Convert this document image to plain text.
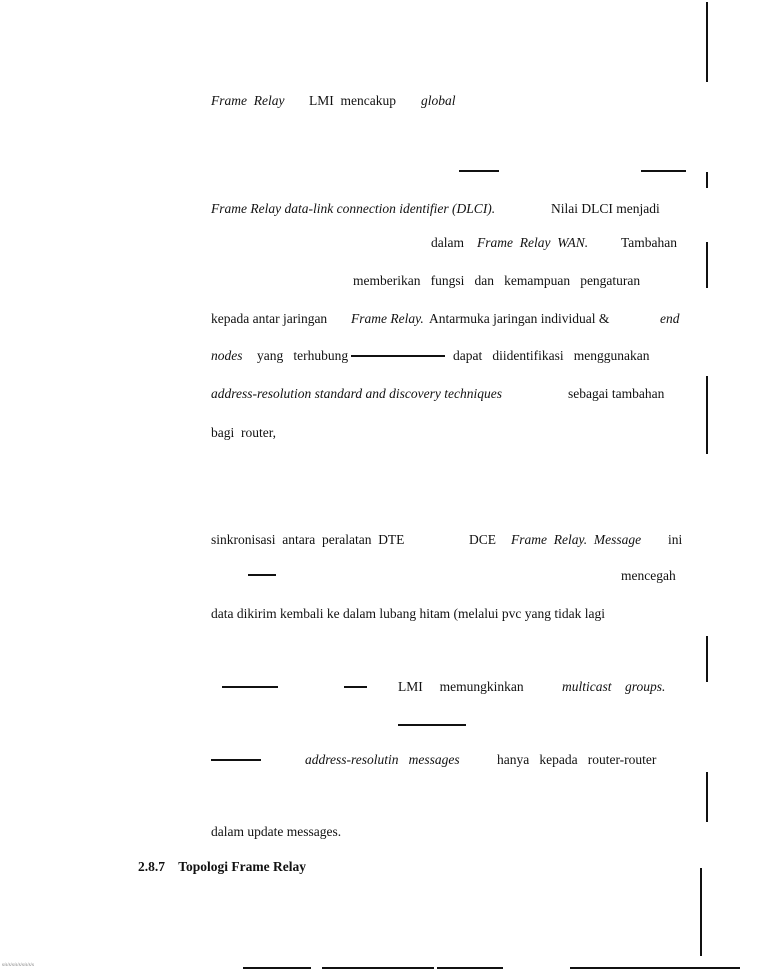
Frame  Relay LMI  mencakup global
Frame Relay data-link connection identifier (DLCI).	Nilai DLCI menjadi
dalam Frame  Relay  WAN. Tambahan
memberikan   fungsi   dan   kemampuan   pengaturan
kepada antar jaringan Frame Relay. Antarmuka jaringan individual &	end
nodes yang   terhubung	dapat   diidentifikasi   menggunakan
address-resolution standard and discovery techniques	sebagai tambahan
bagi  router,
sinkronisasi  antara  peralatan  DTE	DCE Frame  Relay.  Message ini
mencegah
data dikirim kembali ke dalam lubang hitam (melalui pvc yang tidak lagi
LMI     memungkinkan	multicast    groups.
address-resolutin   messages	hanya   kepada   router-router
dalam update messages.
2.8.7    Topologi Frame Relay
s/s/s/s/s/s/s/s/s/s
